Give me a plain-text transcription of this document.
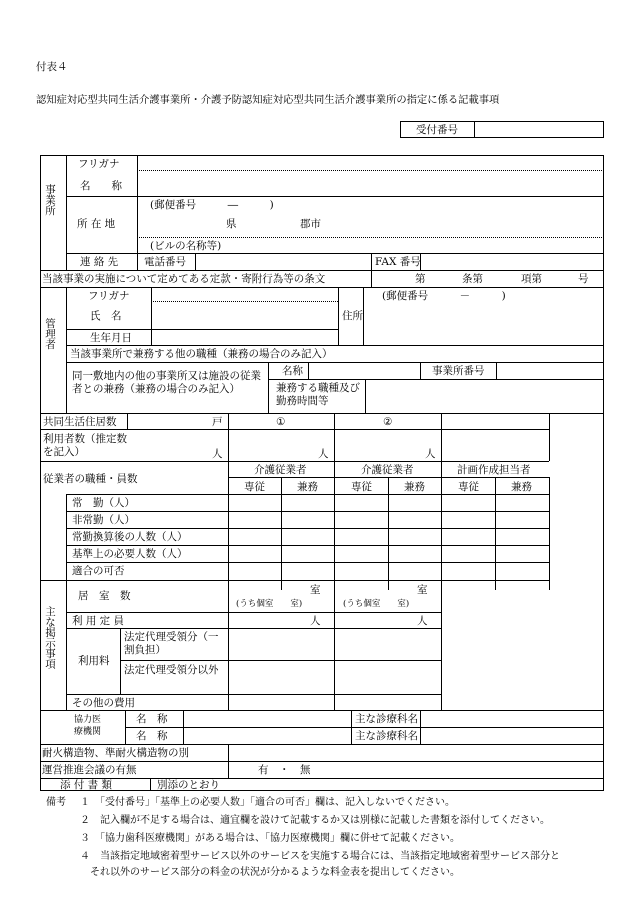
付表４
認知症対応型共同生活介護事業所・介護予防認知症対応型共同生活介護事業所の指定に係る記載事項
受付番号
事業所
フリガナ
名　　称
所 在 地
(郵便番号　　　―　　　)
県	郡市
(ビルの名称等)
連 絡 先 電話番号	FAX 番号
当該事業の実施について定めてある定款・寄附行為等の条文	第	条第	項第	号
管理者
フリガナ
氏　名
生年月日
住所
(郵便番号　　　－　　　)
当該事業所で兼務する他の職種（兼務の場合のみ記入）
同一敷地内の他の事業所又は施設の従業者との兼務（兼務の場合のみ記入）
名称	事業所番号
兼務する職種及び勤務時間等
共同生活住居数	戸	①	②
利用者数（推定数を記入）	人	人	人
従業者の職種・員数
介護従業者	介護従業者	計画作成担当者
専従	兼務	専従	兼務	専従	兼務
常　勤（人）
非常勤（人）
常勤換算後の人数（人）
基準上の必要人数（人）
適合の可否
主な掲示事項
居　室　数	室
(うち個室　　室)
室
(うち個室　　室)
利 用 定 員	人	人
利用料
法定代理受領分（一割負担）
法定代理受領分以外
その他の費用
協力医療機関
名　称
名　称
主な診療科名
主な診療科名
耐火構造物、準耐火構造物の別
運営推進会議の有無	有　・　無
添 付 書 類	別添のとおり
備考 １　「受付番号」「基準上の必要人数」「適合の可否」欄は、記入しないでください。
２　記入欄が不足する場合は、適宜欄を設けて記載するか又は別様に記載した書類を添付してください。
３　「協力歯科医療機関」がある場合は、「協力医療機関」欄に併せて記載ください。
４　当該指定地域密着型サービス以外のサービスを実施する場合には、当該指定地域密着型サービス部分と
それ以外のサービス部分の料金の状況が分かるような料金表を提出してください。
